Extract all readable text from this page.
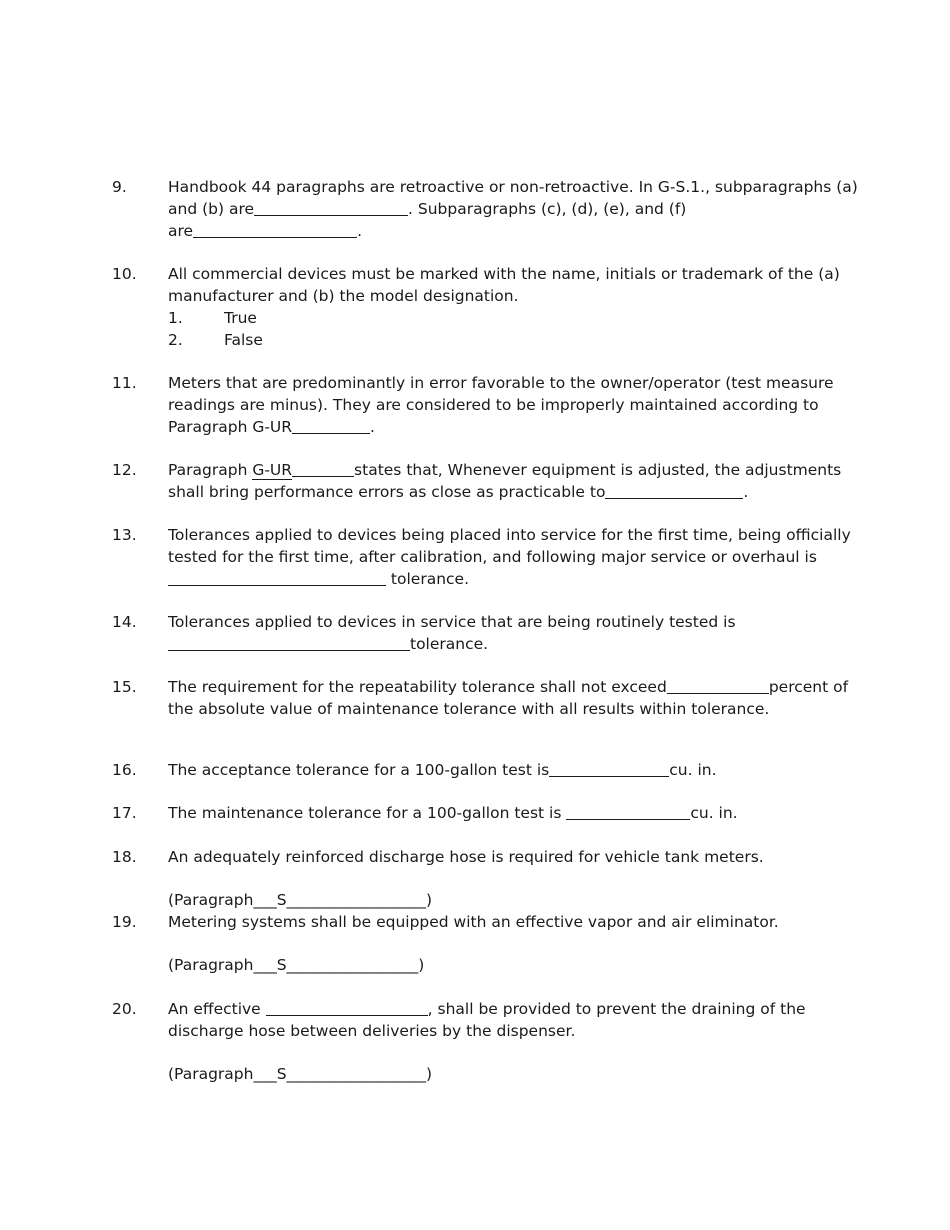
9.	Handbook 44 paragraphs are retroactive or non-retroactive. In G-S.1., subparagraphs (a)
and (b) are	. Subparagraphs (c), (d), (e), and (f)
are	.
10.	All commercial devices must be marked with the name, initials or trademark of the (a)
manufacturer and (b) the model designation.
1.	True
2.	False
11.	Meters that are predominantly in error favorable to the owner/operator (test measure
readings are minus). They are considered to be improperly maintained according to
Paragraph G-UR	.
12.	Paragraph G-UR	states that, Whenever equipment is adjusted, the adjustments
shall bring performance errors as close as practicable to	.
13.	Tolerances applied to devices being placed into service for the first time, being officially
tested for the first time, after calibration, and following major service or overhaul is
tolerance.
14.	Tolerances applied to devices in service that are being routinely tested is
tolerance.
15.	The requirement for the repeatability tolerance shall not exceed	percent of
the absolute value of maintenance tolerance with all results within tolerance.
16.	The acceptance tolerance for a 100-gallon test is	cu. in.
17.	The maintenance tolerance for a 100-gallon test is	cu. in.
18.	An adequately reinforced discharge hose is required for vehicle tank meters.
(Paragraph___S__________________)
19.	Metering systems shall be equipped with an effective vapor and air eliminator.
(Paragraph___S_________________)
20.	An effective	, shall be provided to prevent the draining of the
discharge hose between deliveries by the dispenser.
(Paragraph___S__________________)
